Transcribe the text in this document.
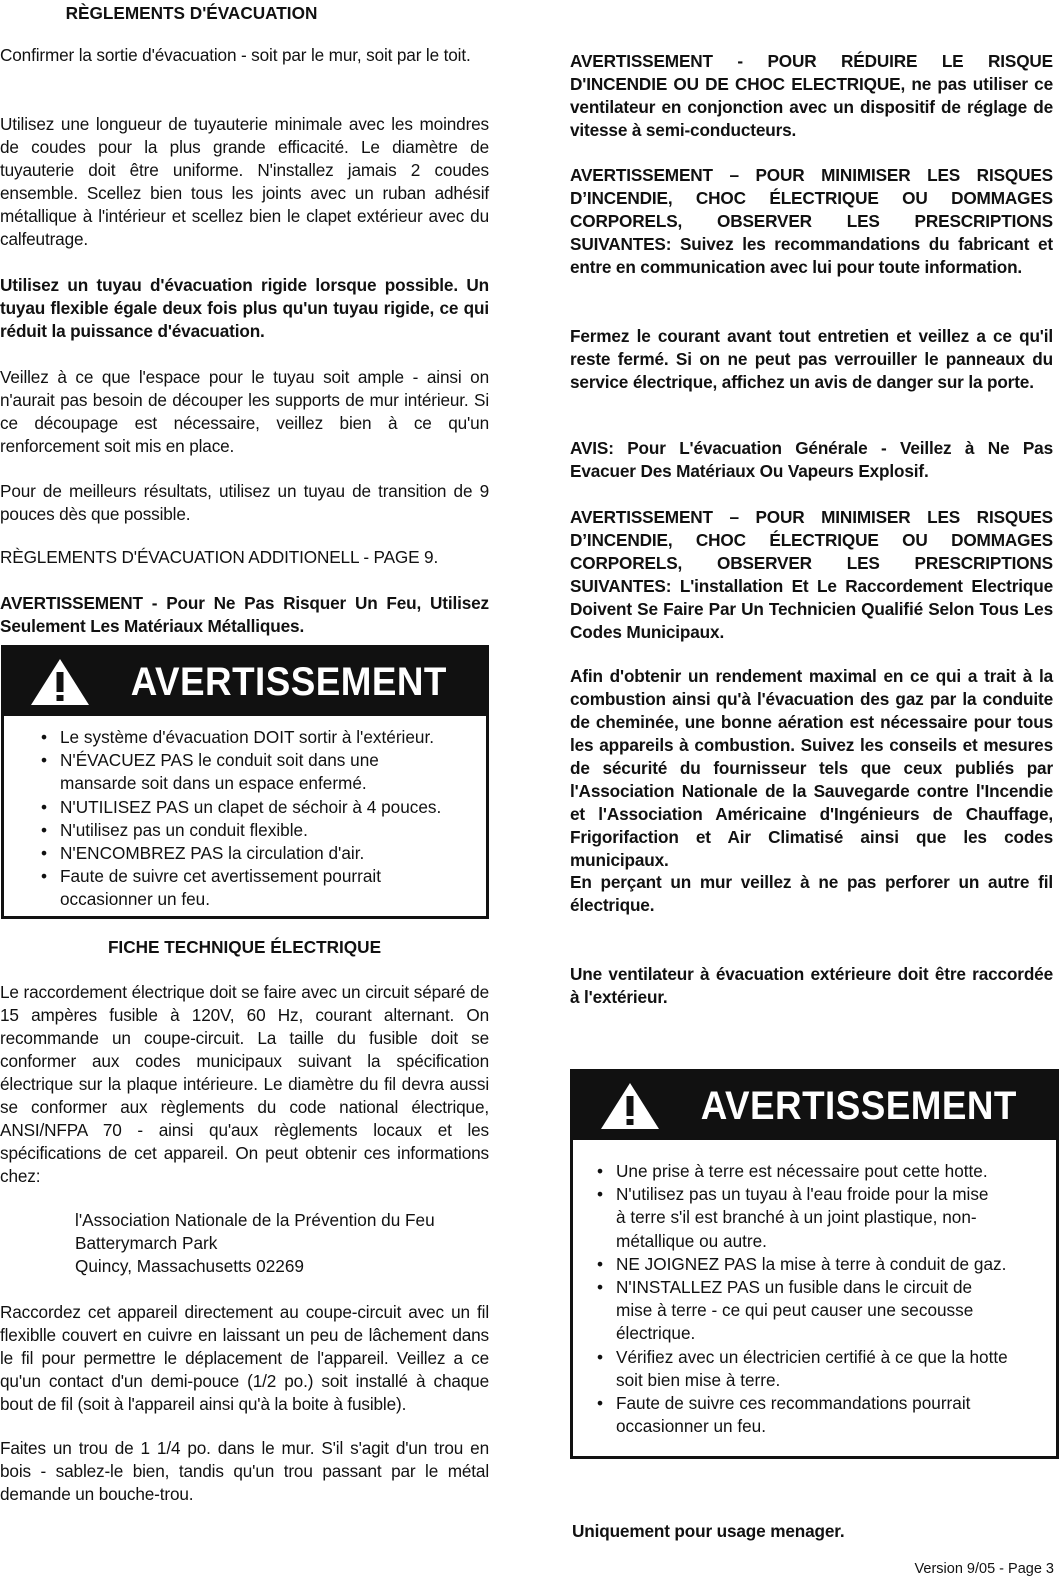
RÈGLEMENTS D'ÉVACUATION

Confirmer la sortie d'évacuation - soit par le mur, soit par le toit.

Utilisez une longueur de tuyauterie minimale avec les moindres de coudes pour la plus grande efficacité. Le diamètre de tuyauterie doit être uniforme. N'installez jamais 2 coudes ensemble. Scellez bien tous les joints avec un ruban adhésif métallique à l'intérieur et scellez bien le clapet extérieur avec du calfeutrage.

Utilisez un tuyau d'évacuation rigide lorsque possible. Un tuyau flexible égale deux fois plus qu'un tuyau rigide, ce qui réduit la puissance d'évacuation.

Veillez à ce que l'espace pour le tuyau soit ample - ainsi on n'aurait pas besoin de découper les supports de mur intérieur. Si ce découpage est nécessaire, veillez bien à ce qu'un renforcement soit mis en place.

Pour de meilleurs résultats, utilisez un tuyau de transition de 9 pouces dès que possible.

RÈGLEMENTS D'ÉVACUATION ADDITIONELL - PAGE 9.

AVERTISSEMENT - Pour Ne Pas Risquer Un Feu, Utilisez Seulement Les Matériaux Métalliques.

AVERTISSEMENT
• Le système d'évacuation DOIT sortir à l'extérieur.
• N'ÉVACUEZ PAS le conduit soit dans une
mansarde soit dans un espace enfermé.
• N'UTILISEZ PAS un clapet de séchoir à 4 pouces.
• N'utilisez pas un conduit flexible.
• N'ENCOMBREZ PAS la circulation d'air.
• Faute de suivre cet avertissement pourrait
occasionner un feu.

FICHE TECHNIQUE ÉLECTRIQUE

Le raccordement électrique doit se faire avec un circuit séparé de 15 ampères fusible à 120V, 60 Hz, courant alternant. On recommande un coupe-circuit. La taille du fusible doit se conformer aux codes municipaux suivant la spécification électrique sur la plaque intérieure. Le diamètre du fil devra aussi se conformer aux règlements du code national électrique, ANSI/NFPA 70 - ainsi qu'aux règlements locaux et les spécifications de cet appareil. On peut obtenir ces informations chez:

l'Association Nationale de la Prévention du Feu
Batterymarch Park
Quincy, Massachusetts 02269

Raccordez cet appareil directement au coupe-circuit avec un fil flexiblle couvert en cuivre en laissant un peu de lâchement dans le fil pour permettre le déplacement de l'appareil. Veillez a ce qu'un contact d'un demi-pouce (1/2 po.) soit installé à chaque bout de fil (soit à l'appareil ainsi qu'à la boite à fusible).

Faites un trou de 1 1/4 po. dans le mur. S'il s'agit d'un trou en bois - sablez-le bien, tandis qu'un trou passant par le métal demande un bouche-trou.

AVERTISSEMENT - POUR RÉDUIRE LE RISQUE D'INCENDIE OU DE CHOC ELECTRIQUE, ne pas utiliser ce ventilateur en conjonction avec un dispositif de réglage de vitesse à semi-conducteurs.

AVERTISSEMENT – POUR MINIMISER LES RISQUES D’INCENDIE, CHOC ÉLECTRIQUE OU DOMMAGES CORPORELS, OBSERVER LES PRESCRIPTIONS SUIVANTES: Suivez les recommandations du fabricant et entre en communication avec lui pour toute information.

Fermez le courant avant tout entretien et veillez a ce qu'il reste fermé. Si on ne peut pas verrouiller le panneaux du service électrique, affichez un avis de danger sur la porte.

AVIS: Pour L'évacuation Générale - Veillez à Ne Pas Evacuer Des Matériaux Ou Vapeurs Explosif.

AVERTISSEMENT – POUR MINIMISER LES RISQUES D’INCENDIE, CHOC ÉLECTRIQUE OU DOMMAGES CORPORELS, OBSERVER LES PRESCRIPTIONS SUIVANTES: L'installation Et Le Raccordement Electrique Doivent Se Faire Par Un Technicien Qualifié Selon Tous Les Codes Municipaux.

Afin d'obtenir un rendement maximal en ce qui a trait à la combustion ainsi qu'à l'évacuation des gaz par la conduite de cheminée, une bonne aération est nécessaire pour tous les appareils à combustion. Suivez les conseils et mesures de sécurité du fournisseur tels que ceux publiés par l'Association Nationale de la Sauvegarde contre l'Incendie et l'Association Américaine d'Ingénieurs de Chauffage, Frigorifaction et Air Climatisé ainsi que les codes municipaux.

En perçant un mur veillez à ne pas perforer un autre fil électrique.

Une ventilateur à évacuation extérieure doit être raccordée à l'extérieur.

AVERTISSEMENT
• Une prise à terre est nécessaire pout cette hotte.
• N'utilisez pas un tuyau à l'eau froide pour la mise
à terre s'il est branché à un joint plastique, non-
métallique ou autre.
• NE JOIGNEZ PAS la mise à terre à conduit de gaz.
• N'INSTALLEZ PAS un fusible dans le circuit de
mise à terre - ce qui peut causer une secousse
électrique.
• Vérifiez avec un électricien certifié à ce que la hotte
soit bien mise à terre.
• Faute de suivre ces recommandations pourrait
occasionner un feu.

Uniquement pour usage menager.

Version 9/05 - Page 3
